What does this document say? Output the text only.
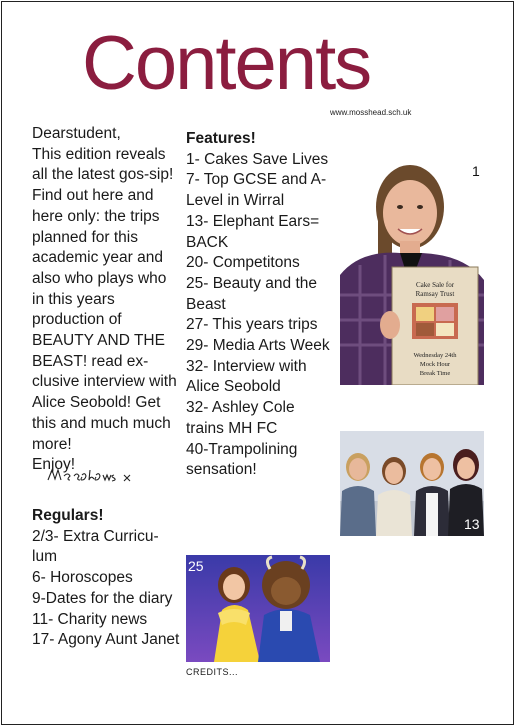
Contents
www.mosshead.sch.uk
Dearstudent,
This edition reveals all the latest gos-sip! Find out here and here only: the trips planned for this academic year and also who plays who in this years production of BEAUTY AND THE BEAST! read ex-clusive interview with Alice Seobold! Get this and much much more!
Enjoy!
Regulars!
2/3- Extra Curricu-lum
6- Horoscopes
9-Dates for the diary
11- Charity news
17- Agony Aunt Janet
Features!
1- Cakes Save Lives
7- Top GCSE and A-Level in Wirral
13- Elephant Ears= BACK
20- Competitons
25- Beauty and the Beast
27- This years trips
29- Media Arts Week
32- Interview with Alice Seobold
32- Ashley Cole trains MH FC
40-Trampolining sensation!
Cake Sale for
Ramsay Trust
Wednesday 24th
Mock Hour
Break Time
1
13
25
CREDITS...
